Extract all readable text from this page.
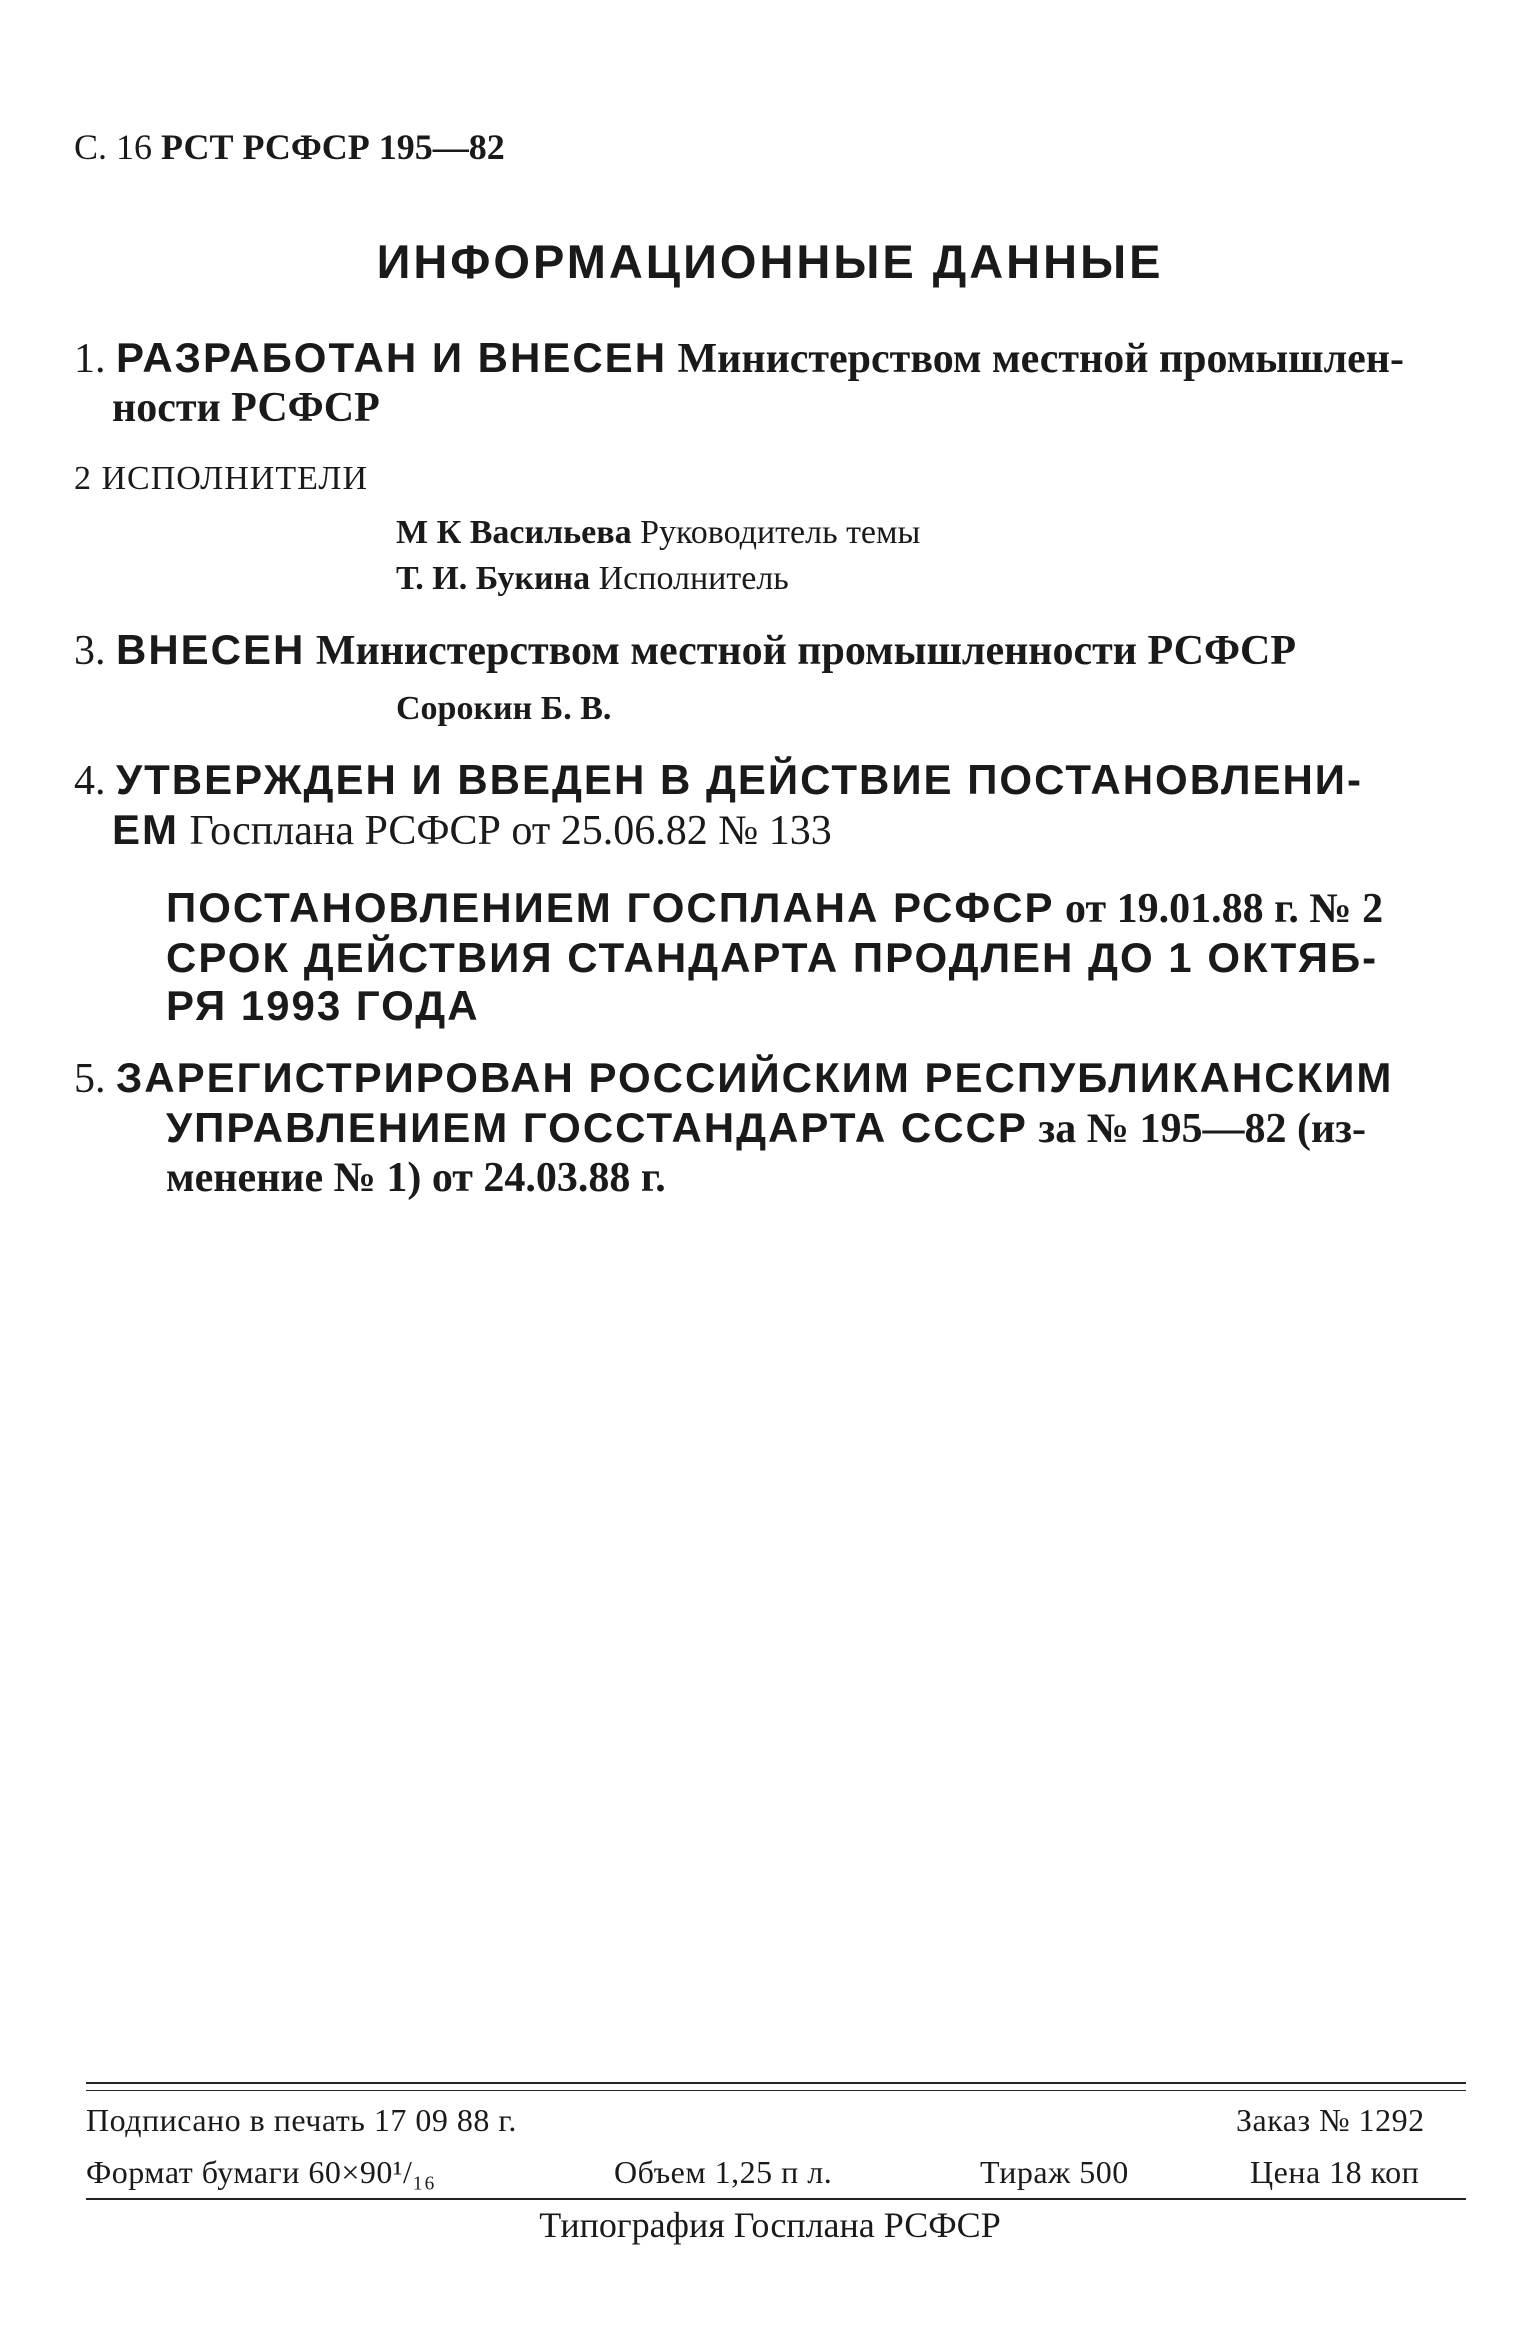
С. 16 РСТ РСФСР 195—82
ИНФОРМАЦИОННЫЕ ДАННЫЕ
1. РАЗРАБОТАН И ВНЕСЕН Министерством местной промышлен-
ности РСФСР
2 ИСПОЛНИТЕЛИ
М К Васильева Руководитель темы
Т. И. Букина Исполнитель
3. ВНЕСЕН Министерством местной промышленности РСФСР
Сорокин Б. В.
4. УТВЕРЖДЕН И ВВЕДЕН В ДЕЙСТВИЕ ПОСТАНОВЛЕНИ-
ЕМ Госплана РСФСР от 25.06.82 № 133
ПОСТАНОВЛЕНИЕМ ГОСПЛАНА РСФСР от 19.01.88 г. № 2
СРОК ДЕЙСТВИЯ СТАНДАРТА ПРОДЛЕН ДО 1 ОКТЯБ-
РЯ 1993 ГОДА
5. ЗАРЕГИСТРИРОВАН РОССИЙСКИМ РЕСПУБЛИКАНСКИМ
УПРАВЛЕНИЕМ ГОССТАНДАРТА СССР за № 195—82 (из-
менение № 1) от 24.03.88 г.
Подписано в печать 17 09 88 г.	Заказ № 1292
Формат бумаги 60×90¹/₁₆	Объем 1,25 п л.	Тираж 500	Цена 18 коп
Типография Госплана РСФСР
